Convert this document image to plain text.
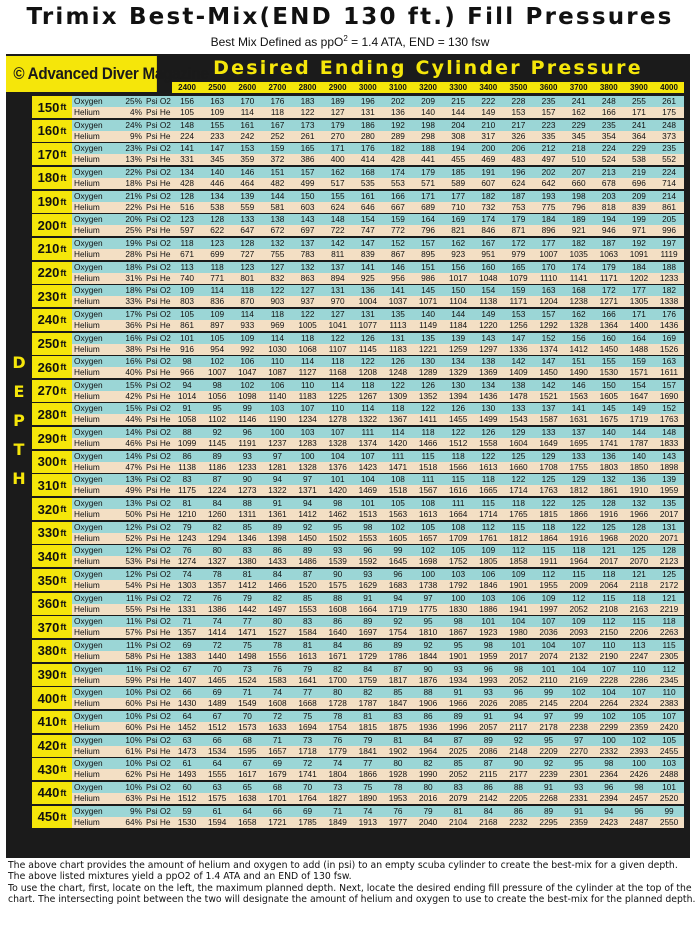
Trimix Best-Mix(END 130 ft.) Fill Pressures
Best Mix Defined as ppO$^2$ = 1.4 ATA, END = 130 fsw
© Advanced Diver Magazine Desired Ending Cylinder Pressure
2400	2500	2600	2700	2800	2900	3000	3100	3200	3300	3400	3500	3600	3700	3800	3900	4000
D
E
P
T
H
150 ft
Oxygen	25% Psi O2	156	163	170	176	183	189	196	202	209	215	222	228	235	241	248	255	261
Helium	4% Psi He	105	109	114	118	122	127	131	136	140	144	149	153	157	162	166	171	175
160 ft
Oxygen	24% Psi O2	148	155	161	167	173	179	186	192	198	204	210	217	223	229	235	241	248
Helium	9% Psi He	224	233	242	252	261	270	280	289	298	308	317	326	335	345	354	364	373
170 ft
Oxygen	23% Psi O2	141	147	153	159	165	171	176	182	188	194	200	206	212	218	224	229	235
Helium	13% Psi He	331	345	359	372	386	400	414	428	441	455	469	483	497	510	524	538	552
180 ft
Oxygen	22% Psi O2	134	140	146	151	157	162	168	174	179	185	191	196	202	207	213	219	224
Helium	18% Psi He	428	446	464	482	499	517	535	553	571	589	607	624	642	660	678	696	714
190 ft
Oxygen	21% Psi O2	128	134	139	144	150	155	161	166	171	177	182	187	193	198	203	209	214
Helium	22% Psi He	516	538	559	581	603	624	646	667	689	710	732	753	775	796	818	839	861
200 ft
Oxygen	20% Psi O2	123	128	133	138	143	148	154	159	164	169	174	179	184	189	194	199	205
Helium	25% Psi He	597	622	647	672	697	722	747	772	796	821	846	871	896	921	946	971	996
210 ft
Oxygen	19% Psi O2	118	123	128	132	137	142	147	152	157	162	167	172	177	182	187	192	197
Helium	28% Psi He	671	699	727	755	783	811	839	867	895	923	951	979	1007	1035	1063	1091	1119
220 ft
Oxygen	18% Psi O2	113	118	123	127	132	137	141	146	151	156	160	165	170	174	179	184	188
Helium	31% Psi He	740	771	801	832	863	894	925	956	986	1017	1048	1079	1110	1141	1171	1202	1233
230 ft
Oxygen	18% Psi O2	109	114	118	122	127	131	136	141	145	150	154	159	163	168	172	177	182
Helium	33% Psi He	803	836	870	903	937	970	1004	1037	1071	1104	1138	1171	1204	1238	1271	1305	1338
240 ft
Oxygen	17% Psi O2	105	109	114	118	122	127	131	135	140	144	149	153	157	162	166	171	176
Helium	36% Psi He	861	897	933	969	1005	1041	1077	1113	1149	1184	1220	1256	1292	1328	1364	1400	1436
250 ft
Oxygen	16% Psi O2	101	105	109	114	118	122	126	131	135	139	143	147	152	156	160	164	169
Helium	38% Psi He	916	954	992	1030	1068	1107	1145	1183	1221	1259	1297	1336	1374	1412	1450	1488	1526
260 ft
Oxygen	16% Psi O2	98	102	106	110	114	118	122	126	130	134	138	142	147	151	155	159	163
Helium	40% Psi He	966	1007	1047	1087	1127	1168	1208	1248	1289	1329	1369	1409	1450	1490	1530	1571	1611
270 ft
Oxygen	15% Psi O2	94	98	102	106	110	114	118	122	126	130	134	138	142	146	150	154	157
Helium	42% Psi He 1014	1056	1098	1140	1183	1225	1267	1309	1352	1394	1436	1478	1521	1563	1605	1647	1690
280 ft
Oxygen	15% Psi O2	91	95	99	103	107	110	114	118	122	126	130	133	137	141	145	149	152
Helium	44% Psi He 1058	1102	1146	1190	1234	1278	1322	1367	1411	1455	1499	1543	1587	1631	1675	1719	1763
290 ft
Oxygen	14% Psi O2	88	92	96	100	103	107	111	114	118	122	126	129	133	137	140	144	148
Helium	46% Psi He 1099	1145	1191	1237	1283	1328	1374	1420	1466	1512	1558	1604	1649	1695	1741	1787	1833
300 ft
Oxygen	14% Psi O2	86	89	93	97	100	104	107	111	115	118	122	125	129	133	136	140	143
Helium	47% Psi He 1138	1186	1233	1281	1328	1376	1423	1471	1518	1566	1613	1660	1708	1755	1803	1850	1898
310 ft
Oxygen	13% Psi O2	83	87	90	94	97	101	104	108	111	115	118	122	125	129	132	136	139
Helium	49% Psi He 1175	1224	1273	1322	1371	1420	1469	1518	1567	1616	1665	1714	1763	1812	1861	1910	1959
320 ft
Oxygen	13% Psi O2	81	84	88	91	94	98	101	105	108	111	115	118	122	125	128	132	135
Helium	50% Psi He 1210	1260	1311	1361	1412	1462	1513	1563	1613	1664	1714	1765	1815	1866	1916	1966	2017
330 ft
Oxygen	12% Psi O2	79	82	85	89	92	95	98	102	105	108	112	115	118	122	125	128	131
Helium	52% Psi He 1243	1294	1346	1398	1450	1502	1553	1605	1657	1709	1761	1812	1864	1916	1968	2020	2071
340 ft
Oxygen	12% Psi O2	76	80	83	86	89	93	96	99	102	105	109	112	115	118	121	125	128
Helium	53% Psi He 1274	1327	1380	1433	1486	1539	1592	1645	1698	1752	1805	1858	1911	1964	2017	2070	2123
350 ft
Oxygen	12% Psi O2	74	78	81	84	87	90	93	96	100	103	106	109	112	115	118	121	125
Helium	54% Psi He 1303	1357	1412	1466	1520	1575	1629	1683	1738	1792	1846	1901	1955	2009	2064	2118	2172
360 ft
Oxygen	11% Psi O2	72	76	79	82	85	88	91	94	97	100	103	106	109	112	115	118	121
Helium	55% Psi He 1331	1386	1442	1497	1553	1608	1664	1719	1775	1830	1886	1941	1997	2052	2108	2163	2219
370 ft
Oxygen	11% Psi O2	71	74	77	80	83	86	89	92	95	98	101	104	107	109	112	115	118
Helium	57% Psi He 1357	1414	1471	1527	1584	1640	1697	1754	1810	1867	1923	1980	2036	2093	2150	2206	2263
380 ft
Oxygen	11% Psi O2	69	72	75	78	81	84	86	89	92	95	98	101	104	107	110	113	115
Helium	58% Psi He 1383	1440	1498	1556	1613	1671	1729	1786	1844	1901	1959	2017	2074	2132	2190	2247	2305
390 ft
Oxygen	11% Psi O2	67	70	73	76	79	82	84	87	90	93	96	98	101	104	107	110	112
Helium	59% Psi He 1407	1465	1524	1583	1641	1700	1759	1817	1876	1934	1993	2052	2110	2169	2228	2286	2345
400 ft
Oxygen	10% Psi O2	66	69	71	74	77	80	82	85	88	91	93	96	99	102	104	107	110
Helium	60% Psi He 1430	1489	1549	1608	1668	1728	1787	1847	1906	1966	2026	2085	2145	2204	2264	2324	2383
410 ft
Oxygen	10% Psi O2	64	67	70	72	75	78	81	83	86	89	91	94	97	99	102	105	107
Helium	60% Psi He 1452	1512	1573	1633	1694	1754	1815	1875	1936	1996	2057	2117	2178	2238	2299	2359	2420
420 ft
Oxygen	10% Psi O2	63	66	68	71	73	76	79	81	84	87	89	92	95	97	100	102	105
Helium	61% Psi He 1473	1534	1595	1657	1718	1779	1841	1902	1964	2025	2086	2148	2209	2270	2332	2393	2455
430 ft
Oxygen	10% Psi O2	61	64	67	69	72	74	77	80	82	85	87	90	92	95	98	100	103
Helium	62% Psi He 1493	1555	1617	1679	1741	1804	1866	1928	1990	2052	2115	2177	2239	2301	2364	2426	2488
440 ft
Oxygen	10% Psi O2	60	63	65	68	70	73	75	78	80	83	86	88	91	93	96	98	101
Helium	63% Psi He 1512	1575	1638	1701	1764	1827	1890	1953	2016	2079	2142	2205	2268	2331	2394	2457	2520
450 ft
Oxygen	9% Psi O2	59	61	64	66	69	71	74	76	79	81	84	86	89	91	94	96	99
Helium	64% Psi He 1530	1594	1658	1721	1785	1849	1913	1977	2040	2104	2168	2232	2295	2359	2423	2487	2550

The above chart provides the amount of helium and oxygen to add (in psi) to an empty scuba cylinder to create the best-mix for a given depth. The above listed mixtures yield a ppO2 of 1.4 ATA and an END of 130 fsw.

To use the chart, first, locate on the left, the maximum planned depth. Next, locate the desired ending fill pressure of the cylinder at the top of the chart. The intersecting point between the two will designate the amount of helium and oxygen to use to create the best-mix for the planned depth.
